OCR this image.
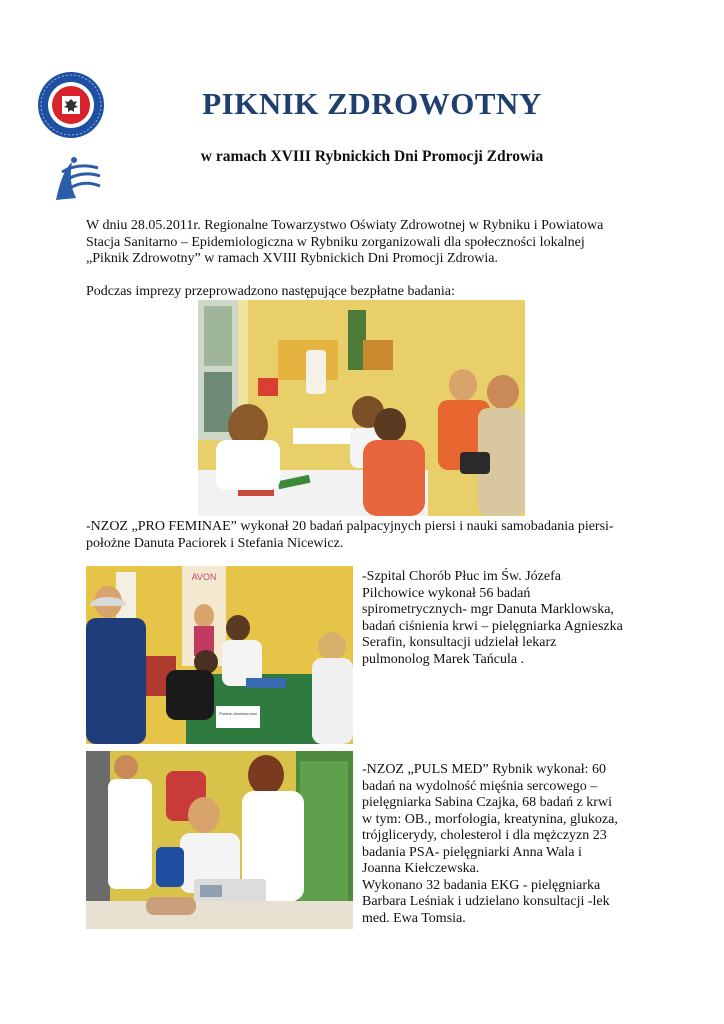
PIKNIK ZDROWOTNY
w ramach XVIII Rybnickich Dni Promocji Zdrowia
W dniu 28.05.2011r. Regionalne Towarzystwo Oświaty Zdrowotnej w Rybniku i Powiatowa
Stacja Sanitarno – Epidemiologiczna w Rybniku zorganizowali dla społeczności lokalnej
„Piknik Zdrowotny” w ramach XVIII Rybnickich Dni Promocji Zdrowia.
Podczas imprezy przeprowadzono następujące bezpłatne badania:
-NZOZ „PRO FEMINAE” wykonał 20 badań palpacyjnych piersi i nauki samobadania piersi-
położne Danuta Paciorek i Stefania Nicewicz.
AVON
Pomiar ciśnienia krwi
-Szpital Chorób Płuc im Św. Józefa
Pilchowice wykonał 56 badań
spirometrycznych- mgr Danuta Marklowska,
badań ciśnienia krwi – pielęgniarka Agnieszka
Serafin, konsultacji udzielał lekarz
pulmonolog Marek Tańcula .
-NZOZ „PULS MED” Rybnik wykonał: 60
badań na wydolność mięśnia sercowego –
pielęgniarka Sabina Czajka, 68 badań z krwi
w tym: OB., morfologia, kreatynina, glukoza,
trójglicerydy, cholesterol i dla mężczyzn 23
badania PSA- pielęgniarki Anna Wala i
Joanna Kiełczewska.
Wykonano 32 badania EKG - pielęgniarka
Barbara Leśniak i udzielano konsultacji -lek
med. Ewa Tomsia.
